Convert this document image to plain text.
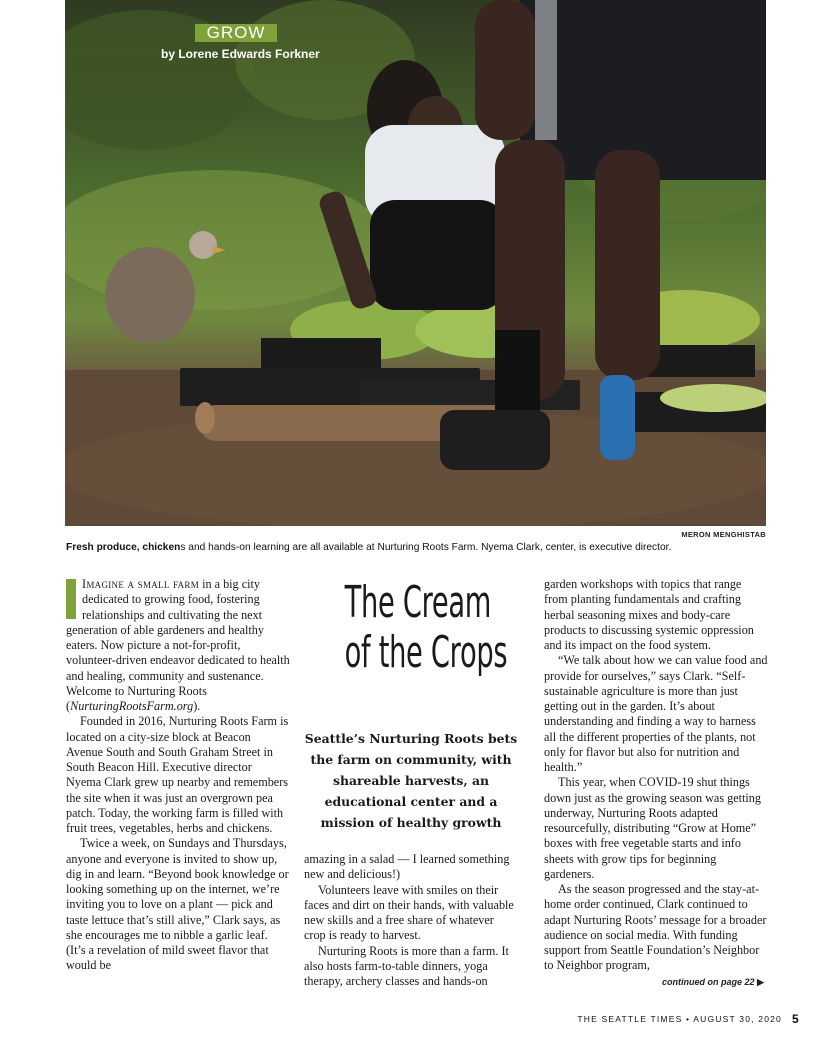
GROW
by Lorene Edwards Forkner
MERON MENGHISTAB
Fresh produce, chickens and hands-on learning are all available at Nurturing Roots Farm. Nyema Clark, center, is executive director.

Imagine a small farm in a big city dedicated to growing food, fostering relationships and cultivating the next generation of able gardeners and healthy eaters. Now picture a not-for-profit, volunteer-driven endeavor dedicated to health and healing, community and sustenance. Welcome to Nurturing Roots (NurturingRootsFarm.org).

Founded in 2016, Nurturing Roots Farm is located on a city-size block at Beacon Avenue South and South Graham Street in South Beacon Hill. Executive director Nyema Clark grew up nearby and remembers the site when it was just an overgrown pea patch. Today, the working farm is filled with fruit trees, vegetables, herbs and chickens.

Twice a week, on Sundays and Thursdays, anyone and everyone is invited to show up, dig in and learn. “Beyond book knowledge or looking something up on the internet, we’re inviting you to love on a plant — pick and taste lettuce that’s still alive,” Clark says, as she encourages me to nibble a garlic leaf. (It’s a revelation of mild sweet flavor that would be

The Cream
of the Crops
Seattle’s Nurturing Roots bets the farm on community, with shareable harvests, an educational center and a mission of healthy growth

amazing in a salad — I learned something new and delicious!)

Volunteers leave with smiles on their faces and dirt on their hands, with valuable new skills and a free share of whatever crop is ready to harvest.

Nurturing Roots is more than a farm. It also hosts farm-to-table dinners, yoga therapy, archery classes and hands-on

garden workshops with topics that range from planting fundamentals and crafting herbal seasoning mixes and body-care products to discussing systemic oppression and its impact on the food system.

“We talk about how we can value food and provide for ourselves,” says Clark. “Self-sustainable agriculture is more than just getting out in the garden. It’s about understanding and finding a way to harness all the different properties of the plants, not only for flavor but also for nutrition and health.”

This year, when COVID-19 shut things down just as the growing season was getting underway, Nurturing Roots adapted resourcefully, distributing “Grow at Home” boxes with free vegetable starts and info sheets with grow tips for beginning gardeners.

As the season progressed and the stay-at-home order continued, Clark continued to adapt Nurturing Roots’ message for a broader audience on social media. With funding support from Seattle Foundation’s Neighbor to Neighbor program,

continued on page 22 ▶
THE SEATTLE TIMES • AUGUST 30, 2020 5
